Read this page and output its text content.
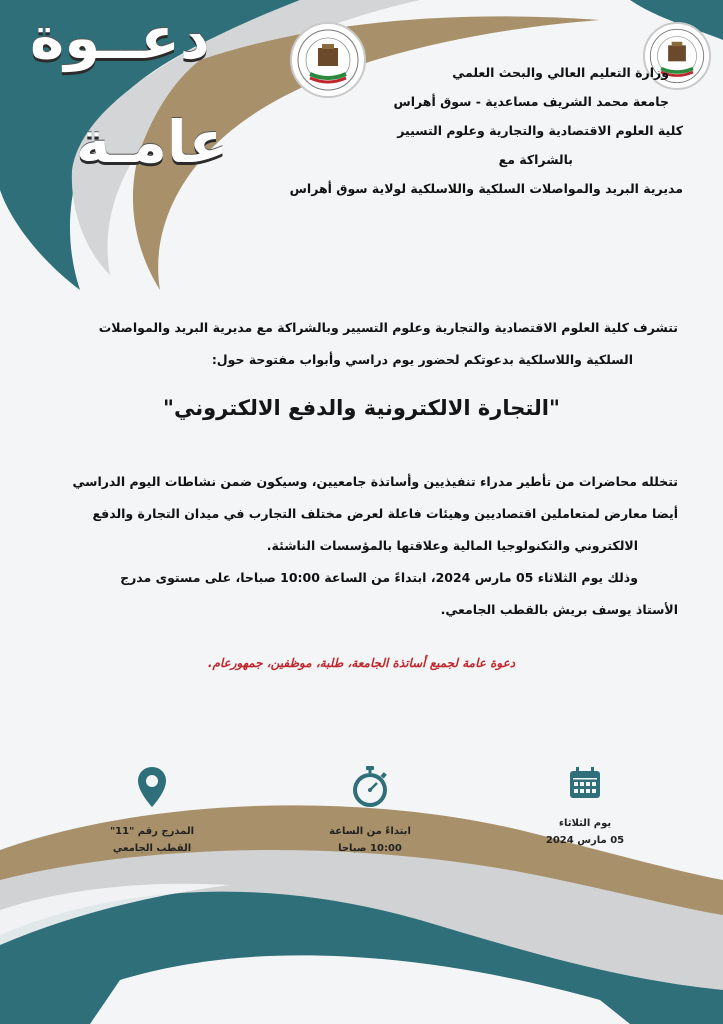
دعــوة
عامـة
وزارة التعليم العالي والبحث العلمي
جامعة محمد الشريف مساعدية - سوق أهراس
كلية العلوم الاقتصادية والتجارية وعلوم التسيير
بالشراكة مع
مديرية البريد والمواصلات السلكية واللاسلكية لولاية سوق أهراس
تتشرف كلية العلوم الاقتصادية والتجارية وعلوم التسيير وبالشراكة مع مديرية البريد والمواصلات
السلكية واللاسلكية بدعوتكم لحضور يوم دراسي وأبواب مفتوحة حول:
"التجارة الالكترونية والدفع الالكتروني"
تتخلله محاضرات من تأطير مدراء تنفيذيين وأساتذة جامعيين، وسيكون ضمن نشاطات اليوم الدراسي
أيضا معارض لمتعاملين اقتصاديين وهيئات فاعلة لعرض مختلف التجارب في ميدان التجارة والدفع
الالكتروني والتكنولوجيا المالية وعلاقتها بالمؤسسات الناشئة.
وذلك يوم الثلاثاء 05 مارس 2024، ابتداءً من الساعة 10:00 صباحا، على مستوى مدرج
الأستاذ يوسف بريش بالقطب الجامعي.
دعوة عامة لجميع أساتذة الجامعة، طلبة، موظفين، جمهورعام.
يوم الثلاثاء
05 مارس 2024
ابتداءً من الساعة
10:00 صباحا
المدرج رقم "11"
القطب الجامعي
